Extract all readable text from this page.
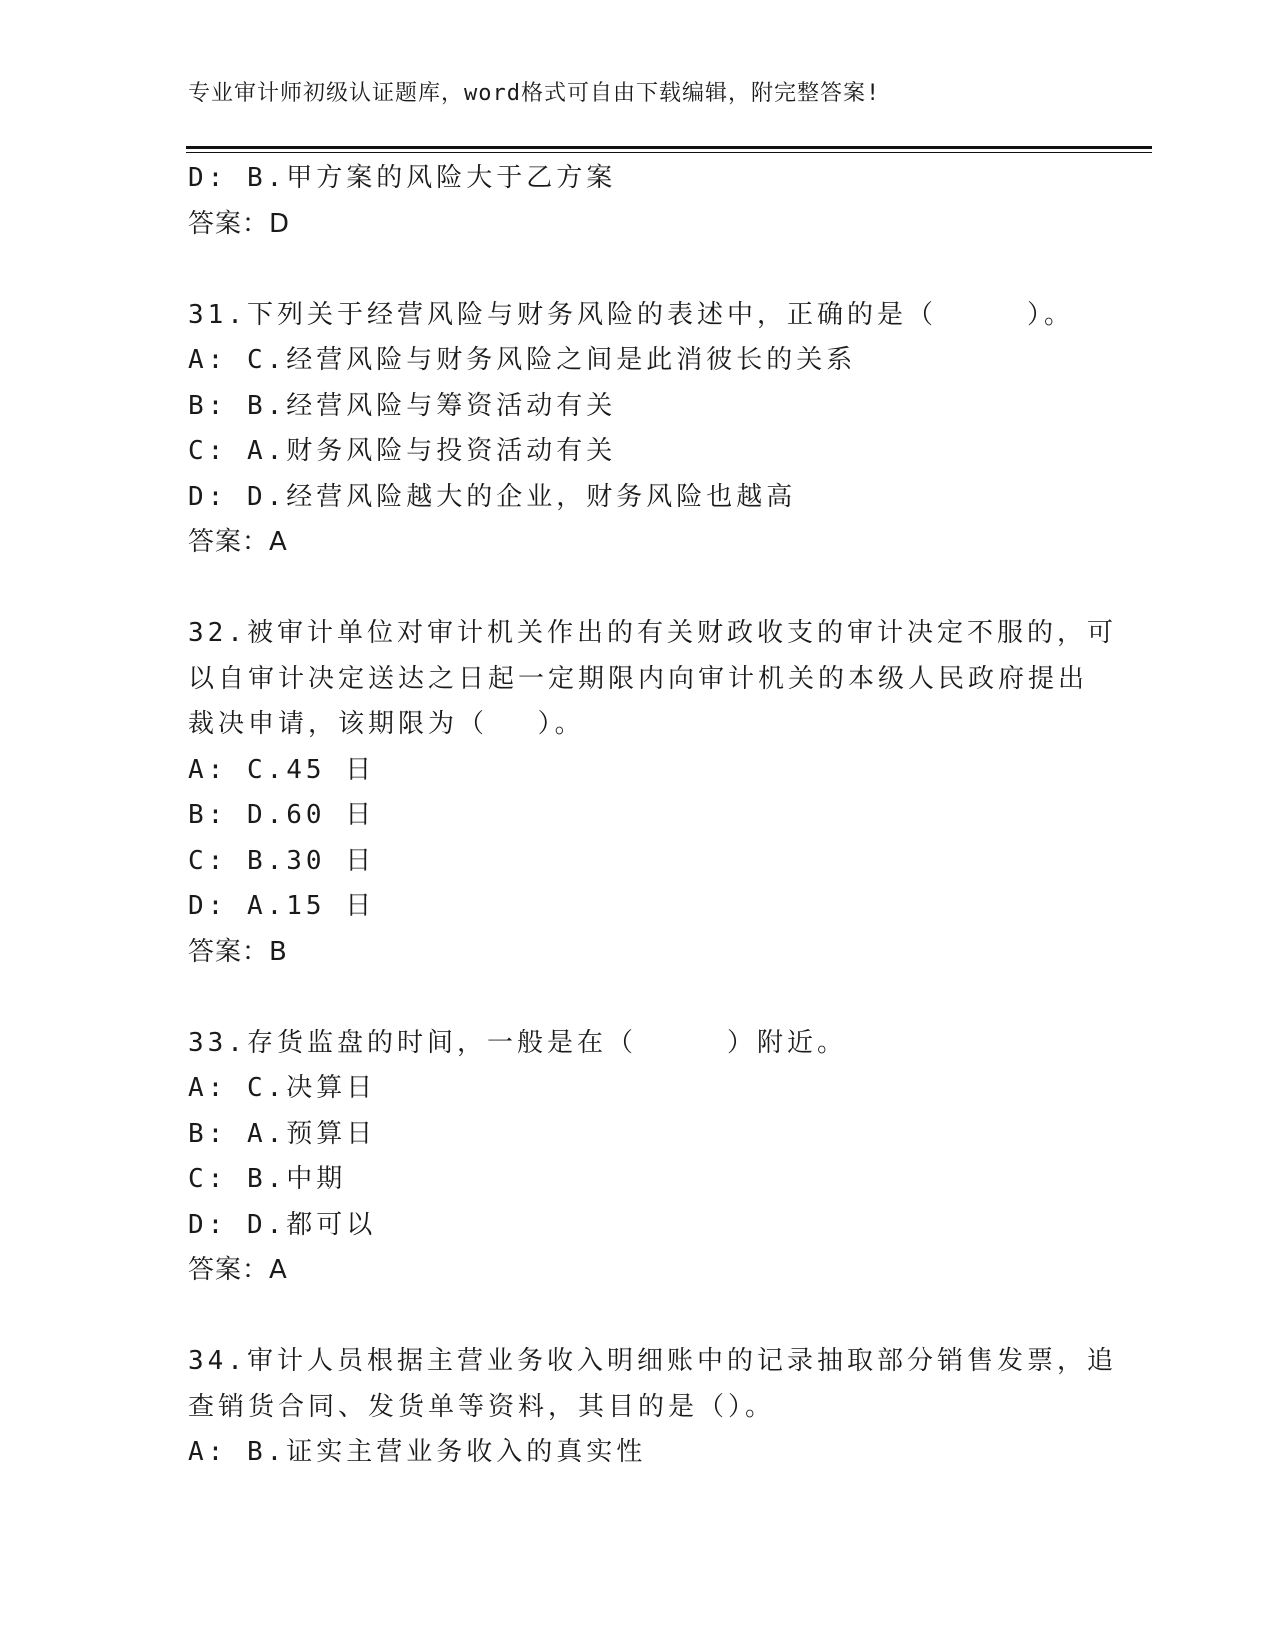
专业审计师初级认证题库，word格式可自由下载编辑，附完整答案!
D: B.甲方案的风险大于乙方案
答案：D
31.下列关于经营风险与财务风险的表述中，正确的是（　　　）。
A: C.经营风险与财务风险之间是此消彼长的关系
B: B.经营风险与筹资活动有关
C: A.财务风险与投资活动有关
D: D.经营风险越大的企业，财务风险也越高
答案：A
32.被审计单位对审计机关作出的有关财政收支的审计决定不服的，可
以自审计决定送达之日起一定期限内向审计机关的本级人民政府提出
裁决申请，该期限为（　 ）。
A: C.45 日
B: D.60 日
C: B.30 日
D: A.15 日
答案：B
33.存货监盘的时间，一般是在（　　　）附近。
A: C.决算日
B: A.预算日
C: B.中期
D: D.都可以
答案：A
34.审计人员根据主营业务收入明细账中的记录抽取部分销售发票，追
查销货合同、发货单等资料，其目的是（）。
A: B.证实主营业务收入的真实性
